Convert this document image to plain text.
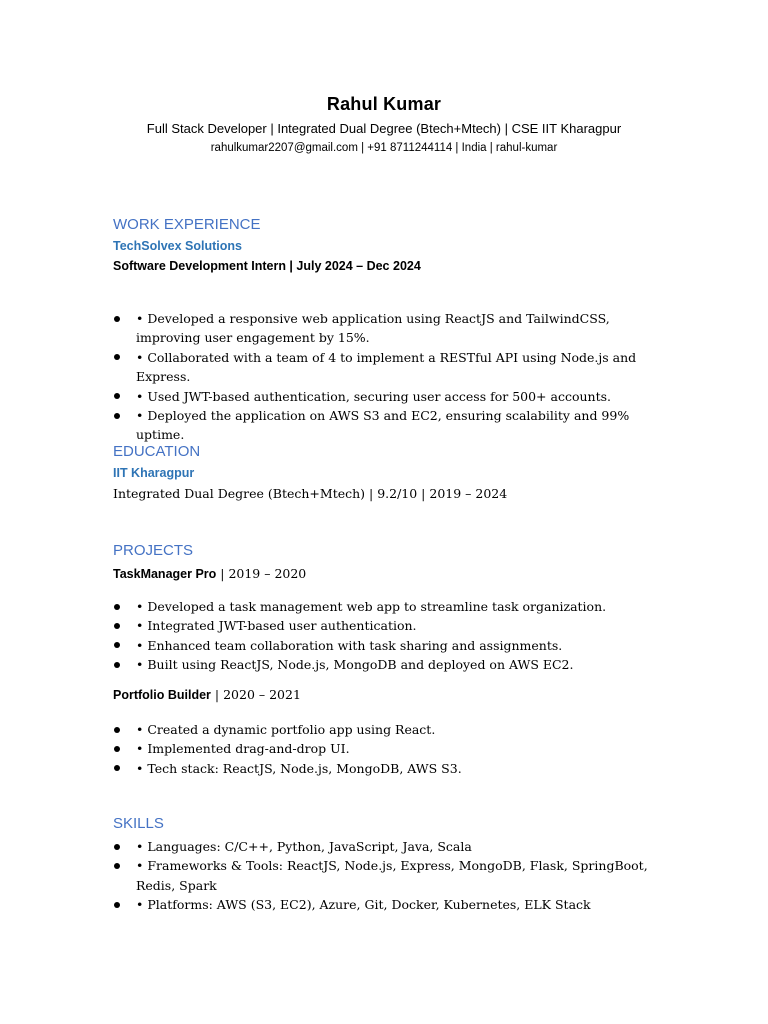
Rahul Kumar
Full Stack Developer | Integrated Dual Degree (Btech+Mtech) | CSE IIT Kharagpur
rahulkumar2207@gmail.com | +91 8711244114 | India | rahul-kumar
WORK EXPERIENCE
TechSolvex Solutions
Software Development Intern | July 2024 – Dec 2024
• Developed a responsive web application using ReactJS and TailwindCSS, improving user engagement by 15%.
• Collaborated with a team of 4 to implement a RESTful API using Node.js and Express.
• Used JWT-based authentication, securing user access for 500+ accounts.
• Deployed the application on AWS S3 and EC2, ensuring scalability and 99% uptime.
EDUCATION
IIT Kharagpur
Integrated Dual Degree (Btech+Mtech) | 9.2/10 | 2019 – 2024
PROJECTS
TaskManager Pro | 2019 – 2020
• Developed a task management web app to streamline task organization.
• Integrated JWT-based user authentication.
• Enhanced team collaboration with task sharing and assignments.
• Built using ReactJS, Node.js, MongoDB and deployed on AWS EC2.
Portfolio Builder | 2020 – 2021
• Created a dynamic portfolio app using React.
• Implemented drag-and-drop UI.
• Tech stack: ReactJS, Node.js, MongoDB, AWS S3.
SKILLS
• Languages: C/C++, Python, JavaScript, Java, Scala
• Frameworks & Tools: ReactJS, Node.js, Express, MongoDB, Flask, SpringBoot, Redis, Spark
• Platforms: AWS (S3, EC2), Azure, Git, Docker, Kubernetes, ELK Stack
